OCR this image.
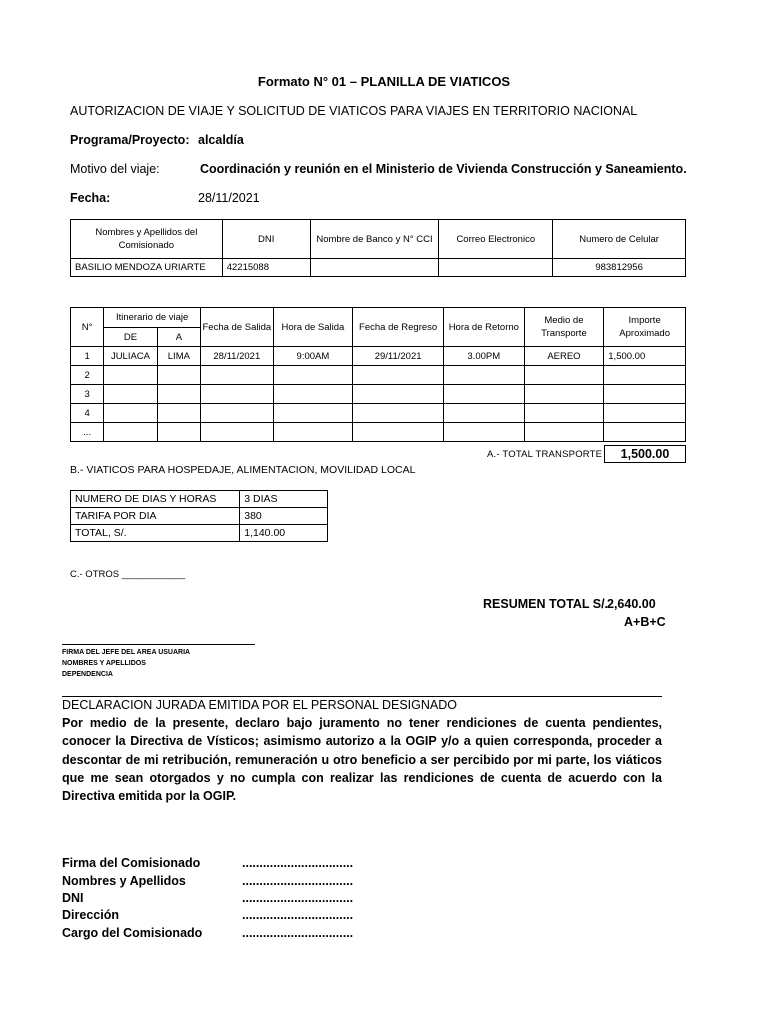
Formato N° 01 – PLANILLA DE VIATICOS
AUTORIZACION DE VIAJE Y SOLICITUD DE VIATICOS PARA VIAJES EN TERRITORIO NACIONAL
Programa/Proyecto: alcaldía
Motivo del viaje:	Coordinación y reunión en el Ministerio de Vivienda Construcción y Saneamiento.
Fecha:	28/11/2021
Nombres y Apellidos del Comisionado	DNI	Nombre de Banco y N° CCI	Correo Electronico	Numero de Celular
BASILIO MENDOZA URIARTE	42215088			983812956
N°	Itinerario de viaje		Fecha de Salida	Hora de Salida	Fecha de Regreso	Hora de Retorno	Medio de Transporte	Importe Aproximado
	DE	A						
1	JULIACA	LIMA	28/11/2021	9:00AM	29/11/2021	3.00PM	AEREO	1,500.00
2								
3								
4								
...								
A.- TOTAL TRANSPORTE	1,500.00
B.- VIATICOS PARA HOSPEDAJE, ALIMENTACION, MOVILIDAD LOCAL
NUMERO DE DIAS Y HORAS	3 DIAS
TARIFA POR DIA	380
TOTAL, S/.	1,140.00
C.- OTROS ____________
RESUMEN TOTAL S/.
2,640.00
A+B+C
FIRMA DEL JEFE DEL AREA USUARIA
NOMBRES Y APELLIDOS
DEPENDENCIA
DECLARACION JURADA EMITIDA POR EL PERSONAL DESIGNADO
Por medio de la presente, declaro bajo juramento no tener rendiciones de cuenta pendientes, conocer la Directiva de Vísticos; asimismo autorizo a la OGIP y/o a quien corresponda, proceder a descontar de mi retribución, remuneración u otro beneficio a ser percibido por mi parte, los viáticos que me sean otorgados y no cumpla con realizar las rendiciones de cuenta de acuerdo con la Directiva emitida por la OGIP.
Firma del Comisionado	................................
Nombres y Apellidos	................................
DNI	................................
Dirección	................................
Cargo del Comisionado	................................
